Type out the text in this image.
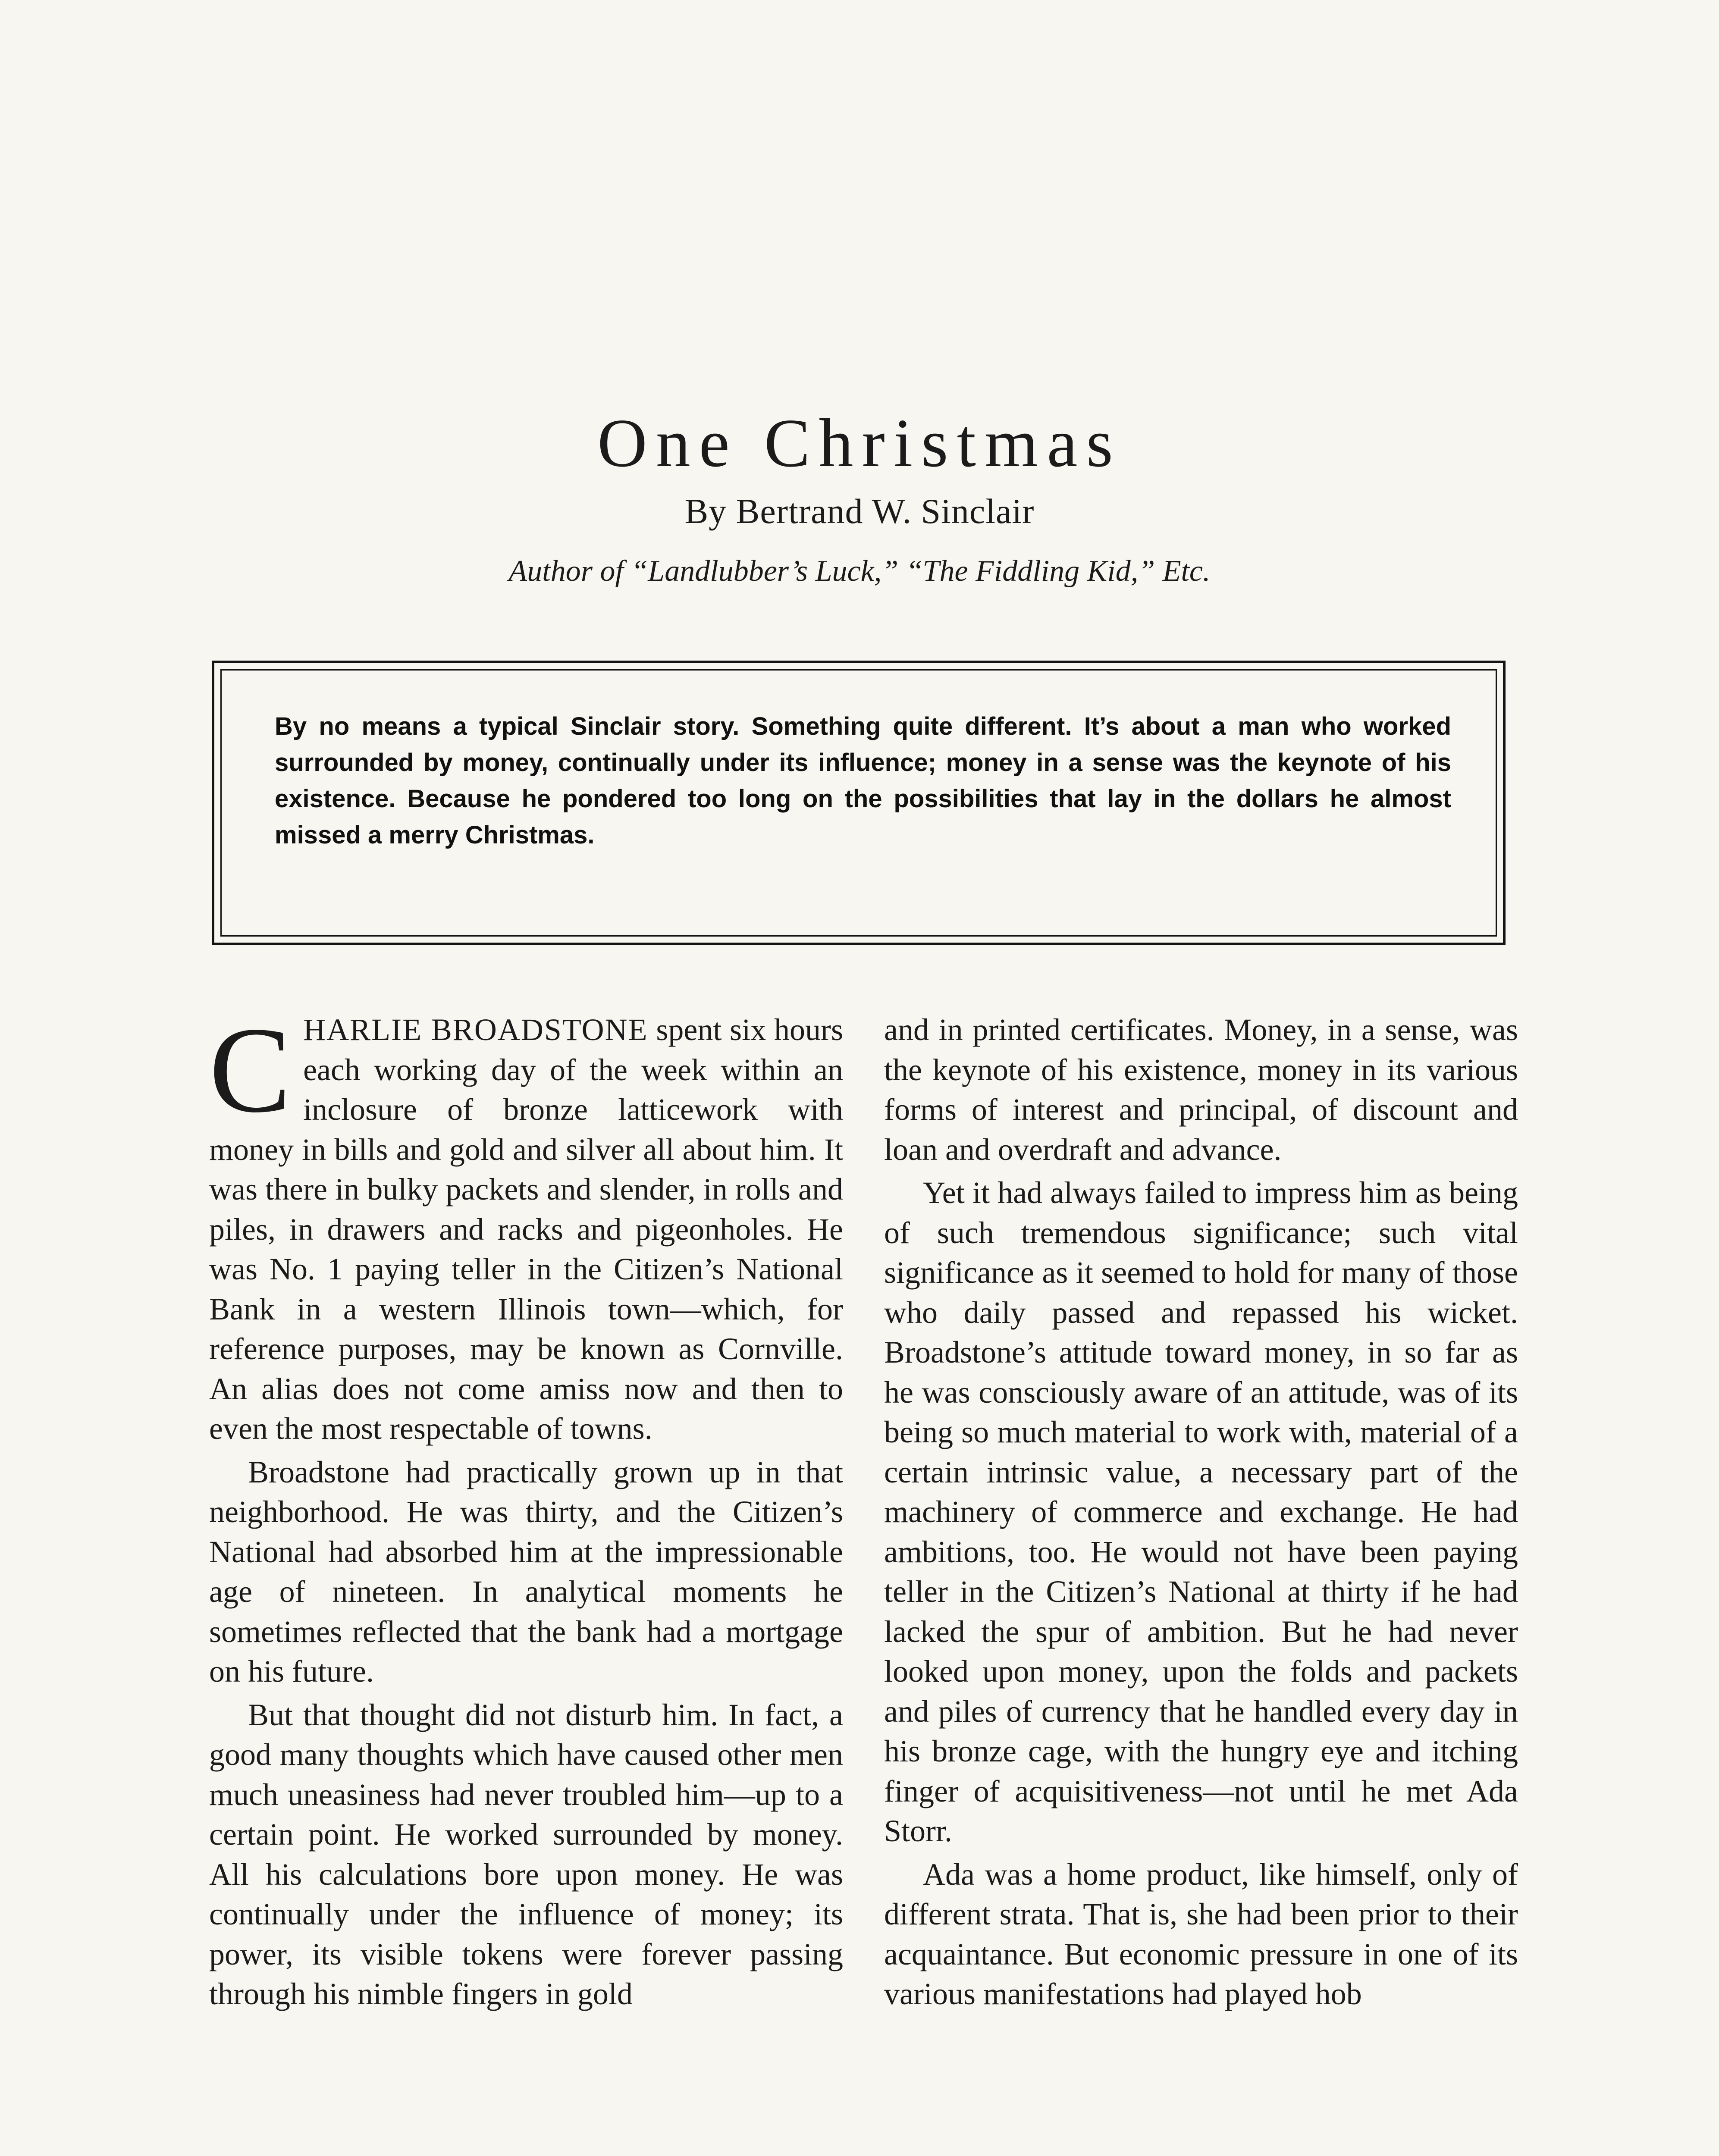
One Christmas
By Bertrand W. Sinclair
Author of “Landlubber’s Luck,” “The Fiddling Kid,” Etc.
By no means a typical Sinclair story. Something quite different. It’s about a man who worked surrounded by money, continually under its influence; money in a sense was the keynote of his existence. Because he pondered too long on the possibilities that lay in the dollars he almost missed a merry Christmas.

CHARLIE BROADSTONE spent six hours each working day of the week within an inclosure of bronze latticework with money in bills and gold and silver all about him. It was there in bulky packets and slender, in rolls and piles, in drawers and racks and pigeonholes. He was No. 1 paying teller in the Citizen’s National Bank in a western Illinois town—which, for reference purposes, may be known as Cornville. An alias does not come amiss now and then to even the most respectable of towns.

Broadstone had practically grown up in that neighborhood. He was thirty, and the Citizen’s National had absorbed him at the impressionable age of nineteen. In analytical moments he sometimes reflected that the bank had a mortgage on his future.

But that thought did not disturb him. In fact, a good many thoughts which have caused other men much uneasiness had never troubled him—up to a certain point. He worked surrounded by money. All his calculations bore upon money. He was continually under the influence of money; its power, its visible tokens were forever passing through his nimble fingers in gold

and in printed certificates. Money, in a sense, was the keynote of his existence, money in its various forms of interest and principal, of discount and loan and overdraft and advance.

Yet it had always failed to impress him as being of such tremendous significance; such vital significance as it seemed to hold for many of those who daily passed and repassed his wicket. Broadstone’s attitude toward money, in so far as he was consciously aware of an attitude, was of its being so much material to work with, material of a certain intrinsic value, a necessary part of the machinery of commerce and exchange. He had ambitions, too. He would not have been paying teller in the Citizen’s National at thirty if he had lacked the spur of ambition. But he had never looked upon money, upon the folds and packets and piles of currency that he handled every day in his bronze cage, with the hungry eye and itching finger of acquisitiveness—not until he met Ada Storr.

Ada was a home product, like himself, only of different strata. That is, she had been prior to their acquaintance. But economic pressure in one of its various manifestations had played hob
